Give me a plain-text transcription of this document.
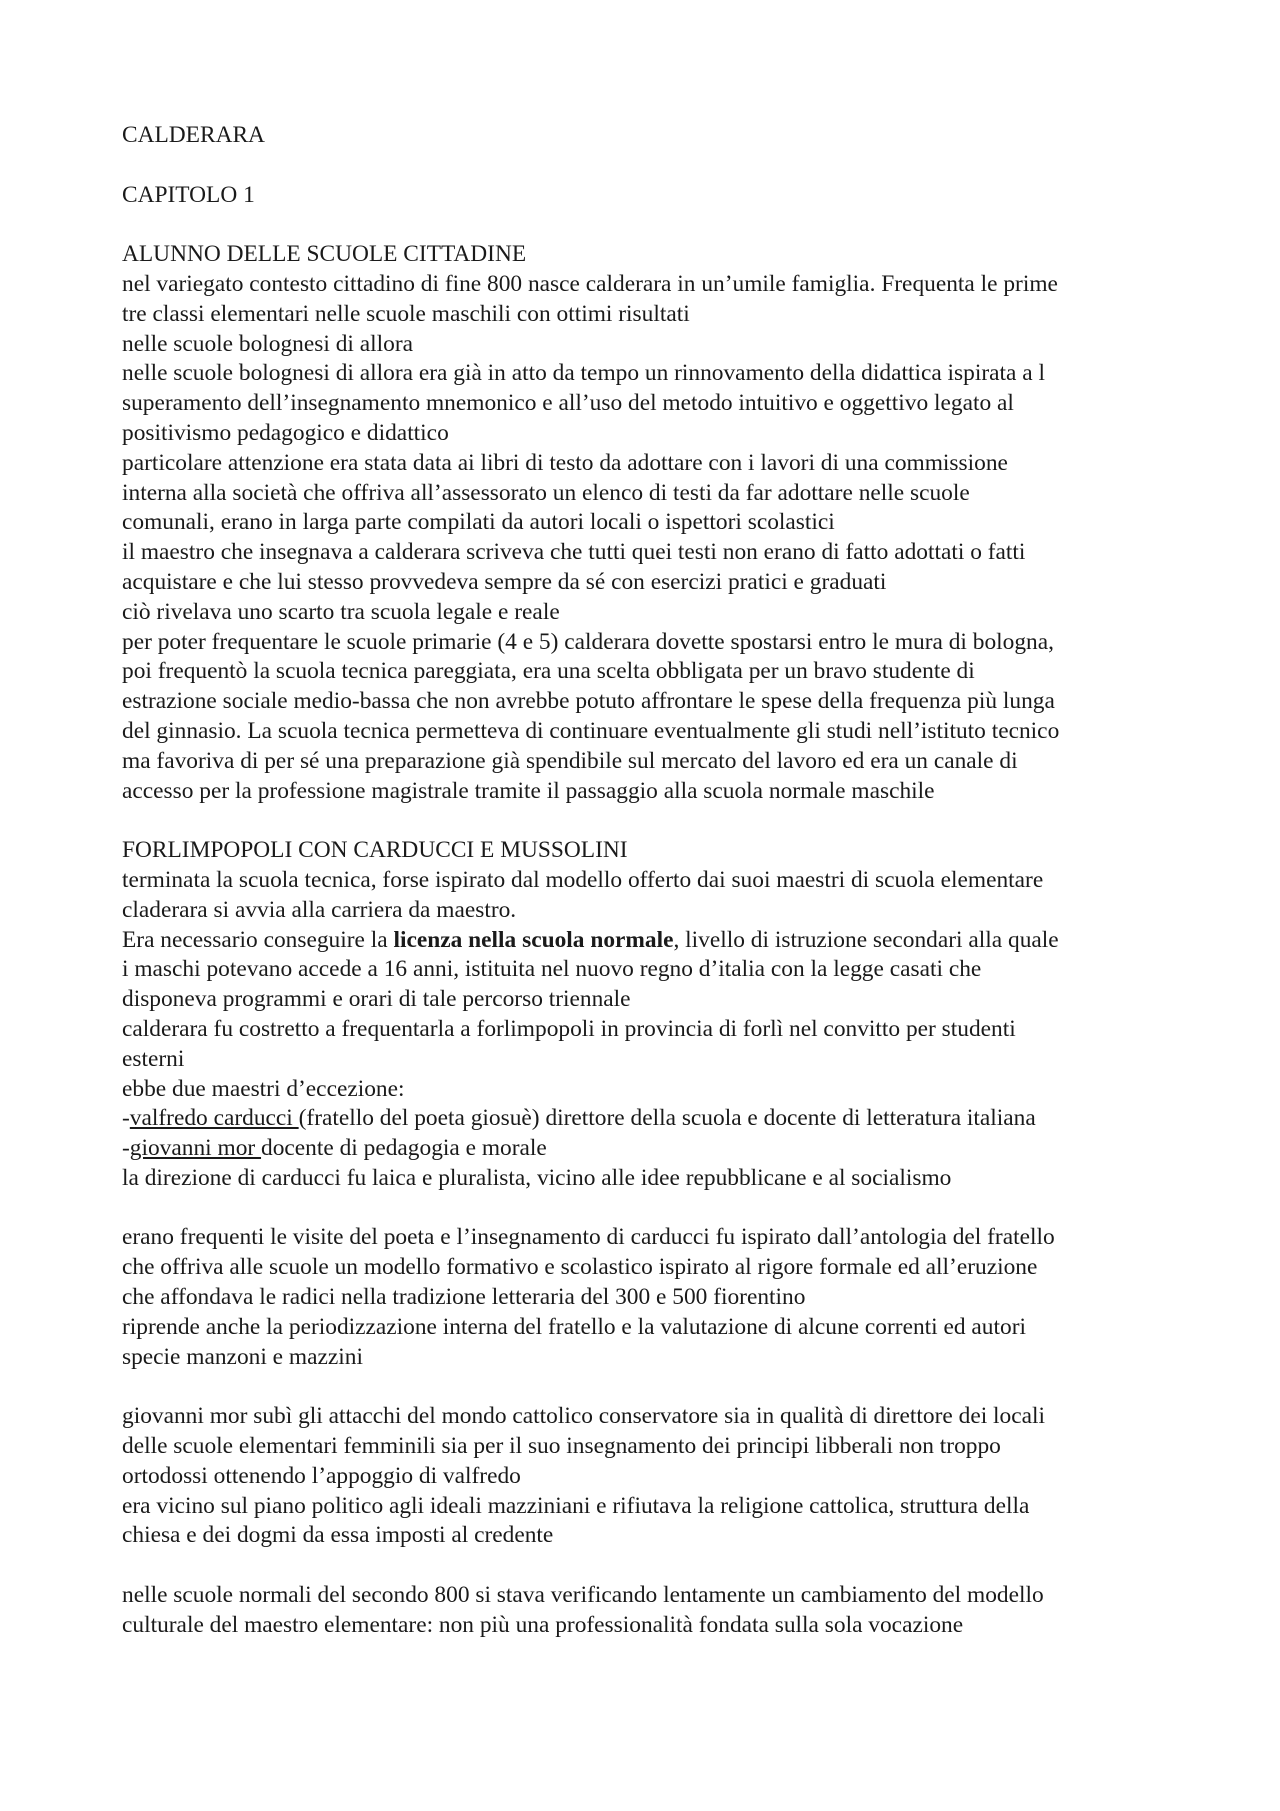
CALDERARA
CAPITOLO 1
ALUNNO DELLE SCUOLE CITTADINE
nel variegato contesto cittadino di fine 800 nasce calderara in un’umile famiglia. Frequenta le prime
tre classi elementari nelle scuole maschili con ottimi risultati
nelle scuole bolognesi di allora
nelle scuole bolognesi di allora era già in atto da tempo un rinnovamento della didattica ispirata a l
superamento dell’insegnamento mnemonico e all’uso del metodo intuitivo e oggettivo legato al
positivismo pedagogico e didattico
particolare attenzione era stata data ai libri di testo da adottare con i lavori di una commissione
interna alla società che offriva all’assessorato un elenco di testi da far adottare nelle scuole
comunali, erano in larga parte compilati da autori locali o ispettori scolastici
il maestro che insegnava a calderara scriveva che tutti quei testi non erano di fatto adottati o fatti
acquistare e che lui stesso provvedeva sempre da sé con esercizi pratici e graduati
ciò rivelava uno scarto tra scuola legale e reale
per poter frequentare le scuole primarie (4 e 5) calderara dovette spostarsi entro le mura di bologna,
poi frequentò la scuola tecnica pareggiata, era una scelta obbligata per un bravo studente di
estrazione sociale medio-bassa che non avrebbe potuto affrontare le spese della frequenza più lunga
del ginnasio. La scuola tecnica permetteva di continuare eventualmente gli studi nell’istituto tecnico
ma favoriva di per sé una preparazione già spendibile sul mercato del lavoro ed era un canale di
accesso per la professione magistrale tramite il passaggio alla scuola normale maschile
FORLIMPOPOLI CON CARDUCCI E MUSSOLINI
terminata la scuola tecnica, forse ispirato dal modello offerto dai suoi maestri di scuola elementare
claderara si avvia alla carriera da maestro.
Era necessario conseguire la licenza nella scuola normale, livello di istruzione secondari alla quale
i maschi potevano accede a 16 anni, istituita nel nuovo regno d’italia con la legge casati che
disponeva programmi e orari di tale percorso triennale
calderara fu costretto a frequentarla a forlimpopoli in provincia di forlì nel convitto per studenti
esterni
ebbe due maestri d’eccezione:
-valfredo carducci (fratello del poeta giosuè) direttore della scuola e docente di letteratura italiana
-giovanni mor docente di pedagogia e morale
la direzione di carducci fu laica e pluralista, vicino alle idee repubblicane e al socialismo
erano frequenti le visite del poeta e l’insegnamento di carducci fu ispirato dall’antologia del fratello
che offriva alle scuole un modello formativo e scolastico ispirato al rigore formale ed all’eruzione
che affondava le radici nella tradizione letteraria del 300 e 500 fiorentino
riprende anche la periodizzazione interna del fratello e la valutazione di alcune correnti ed autori
specie manzoni e mazzini
giovanni mor subì gli attacchi del mondo cattolico conservatore sia in qualità di direttore dei locali
delle scuole elementari femminili sia per il suo insegnamento dei principi libberali non troppo
ortodossi ottenendo l’appoggio di valfredo
era vicino sul piano politico agli ideali mazziniani e rifiutava la religione cattolica, struttura della
chiesa e dei dogmi da essa imposti al credente
nelle scuole normali del secondo 800 si stava verificando lentamente un cambiamento del modello
culturale del maestro elementare: non più una professionalità fondata sulla sola vocazione
